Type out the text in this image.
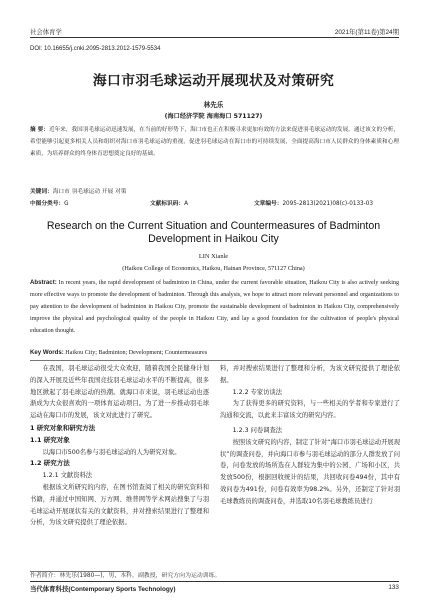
社会体育学	2021年(第11卷)第24期
DOI: 10.16655/j.cnki.2095-2813.2012-1579-5534
海口市羽毛球运动开展现状及对策研究
林先乐
(海口经济学院 海南海口 571127)
摘 要：近年来，我国羽毛球运动迅速发展，在当前的好形势下，海口市也正在积极寻求更加有效的方法来促进羽毛球运动的发展。通过该文的分析，希望能够引起更多相关人员和组织对海口市羽毛球运动的重视，促进羽毛球运动在海口市的可持续发展，全面提高海口市人民群众的身体素质和心理素质，为培养群众的终身体育思想奠定良好的基础。
关键词：海口市 羽毛球运动 开展 对策
中图分类号：G	文献标识码：A	文章编号：2095-2813(2021)08(c)-0133-03
Research on the Current Situation and Countermeasures of Badminton Development in Haikou City
LIN Xianle
(Haikou College of Economics, Haikou, Hainan Province, 571127 China)
Abstract: In recent years, the rapid development of badminton in China, under the current favorable situation, Haikou City is also actively seeking more effective ways to promote the development of badminton. Through this analysis, we hope to attract more relevant personnel and organizations to pay attention to the development of badminton in Haikou City, promote the sustainable development of badminton in Haikou City, comprehensively improve the physical and psychological quality of the people in Haikou City, and lay a good foundation for the cultivation of people's physical education thought.
Key Words: Haikou City; Badminton; Development; Countermeasures
在我国，羽毛球运动很受大众欢迎，随着我国全民健身计划的深入开展及近些年我国竞技羽毛球运动水平的不断提高，很多地区掀起了羽毛球运动的热潮。就海口市来说，羽毛球运动也逐渐成为大众很喜欢的一项体育运动项目。为了进一步推动羽毛球运动在海口市的发展，该文对此进行了研究。
1 研究对象和研究方法
1.1 研究对象
以海口市500名参与羽毛球运动的人为研究对象。
1.2 研究方法
1.2.1 文献资料法
根据该文所研究的内容，在图书馆查阅了相关的研究资料和书籍，并通过中国知网、万方网、维普网等学术网站搜集了与羽毛球运动开展现状有关的文献资料，并对搜索结果进行了整理和分析，为该文研究提供了理论依据。
料，并对搜索结果进行了整理和分析，为该文研究提供了理论依据。
1.2.2 专家访谈法
为了获得更多的研究资料，与一些相关的学者和专家进行了沟通和交流，以此来丰富该文的研究内容。
1.2.3 问卷调查法
按照该文研究的内容，制定了针对“海口市羽毛球运动开展现状”的调查问卷，并向海口市参与羽毛球运动的部分人群发放了问卷，问卷发放的场所选在人群较为集中的公园、广场和小区，共发放500份，根据回收统计的结果，共回收问卷494份，其中有效问卷为491份，问卷有效率为98.2%。另外，还制定了针对羽毛球教练员的调查问卷，并选取10名羽毛球教练员进行
作者简介：林先乐(1980—)，男，本科，副教授，研究方向为运动训练。
当代体育科技(Contemporary Sports Technology)	133
